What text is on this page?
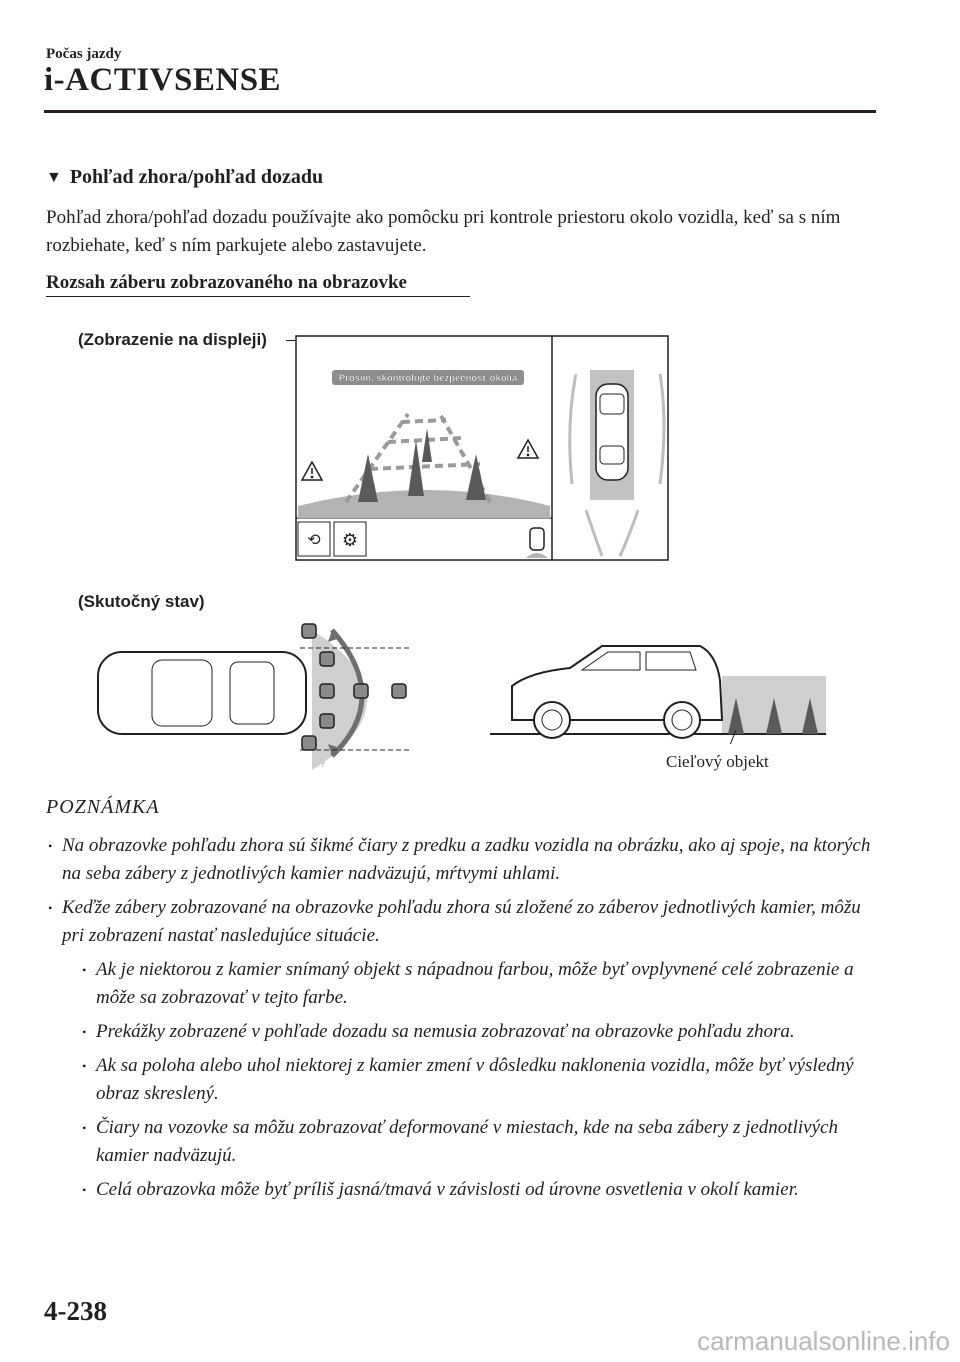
Počas jazdy
i-ACTIVSENSE
▼ Pohľad zhora/pohľad dozadu
Pohľad zhora/pohľad dozadu používajte ako pomôcku pri kontrole priestoru okolo vozidla, keď sa s ním rozbiehate, keď s ním parkujete alebo zastavujete.
Rozsah záberu zobrazovaného na obrazovke
(Zobrazenie na displeji)
Prosím, skontrolujte bezpečnosť okolia
⟲ ⚙
(Skutočný stav)
Cieľový objekt
POZNÁMKA
• Na obrazovke pohľadu zhora sú šikmé čiary z predku a zadku vozidla na obrázku, ako aj spoje, na ktorých na seba zábery z jednotlivých kamier nadväzujú, mŕtvymi uhlami.
• Keďže zábery zobrazované na obrazovke pohľadu zhora sú zložené zo záberov jednotlivých kamier, môžu pri zobrazení nastať nasledujúce situácie.
• Ak je niektorou z kamier snímaný objekt s nápadnou farbou, môže byť ovplyvnené celé zobrazenie a môže sa zobrazovať v tejto farbe.
• Prekážky zobrazené v pohľade dozadu sa nemusia zobrazovať na obrazovke pohľadu zhora.
• Ak sa poloha alebo uhol niektorej z kamier zmení v dôsledku naklonenia vozidla, môže byť výsledný obraz skreslený.
• Čiary na vozovke sa môžu zobrazovať deformované v miestach, kde na seba zábery z jednotlivých kamier nadväzujú.
• Celá obrazovka môže byť príliš jasná/tmavá v závislosti od úrovne osvetlenia v okolí kamier.
4-238
carmanualsonline.info
